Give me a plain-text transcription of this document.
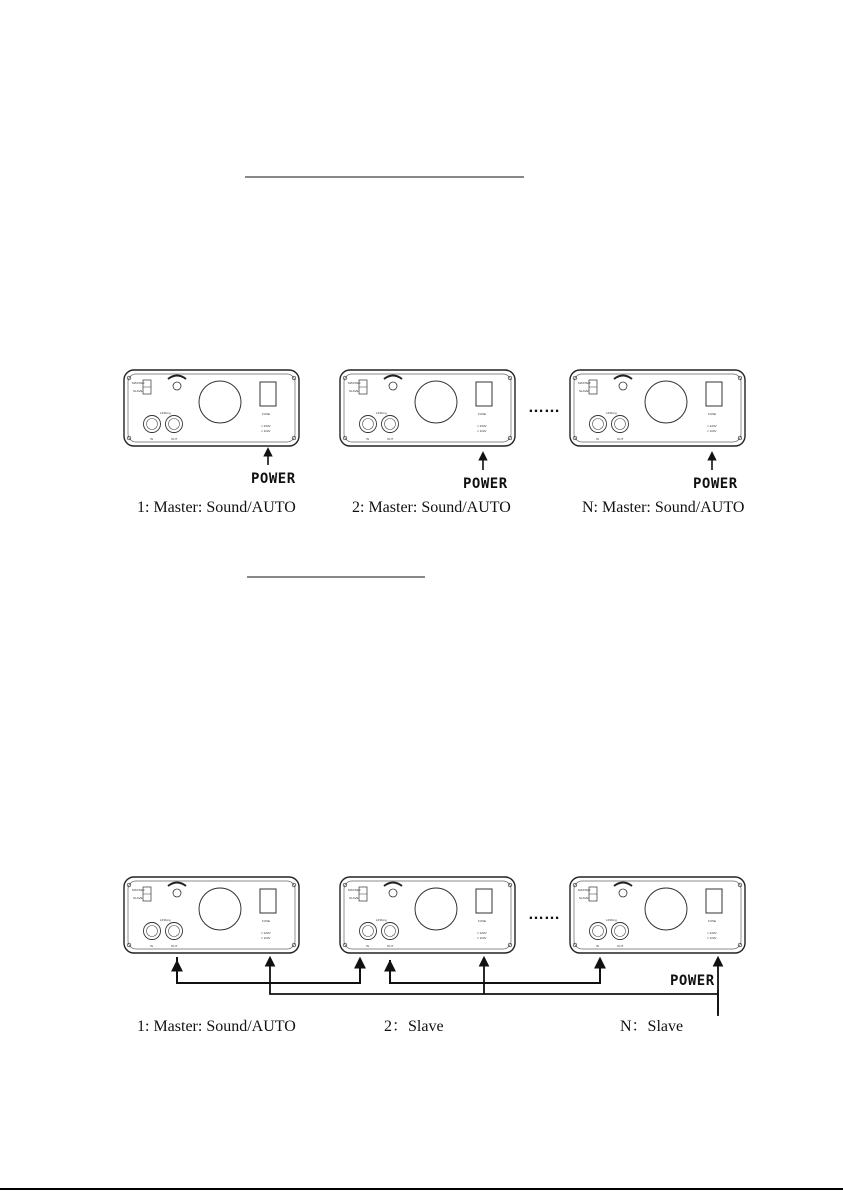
MASTER
SLAVE
LINKing
IN	OUT
FUSE
□ 220V
□ 110V
……
POWER	POWER	POWER
1: Master: Sound/AUTO	2: Master: Sound/AUTO	N: Master: Sound/AUTO
……
POWER
1: Master: Sound/AUTO	2：Slave	N：Slave
